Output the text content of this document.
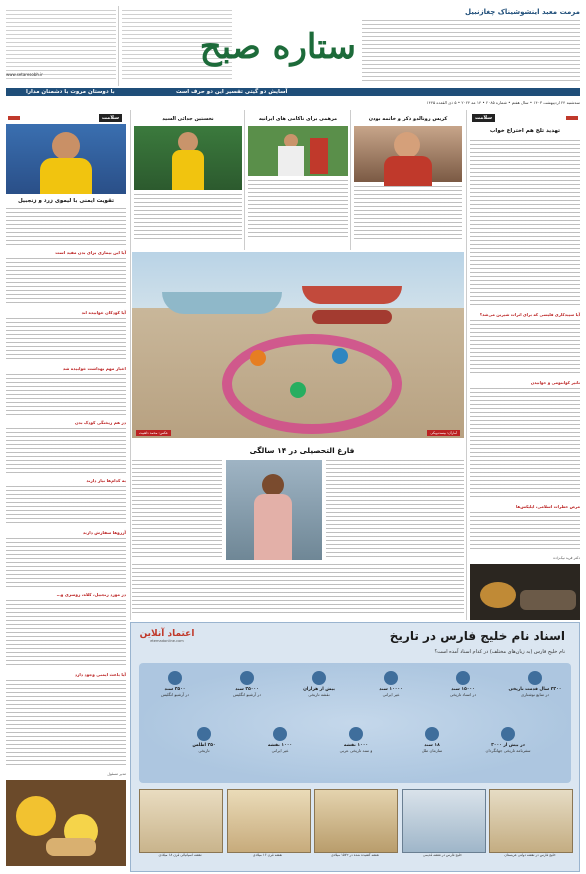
www.setaresobh.ir
ستاره صبح
مرمت معبد اینشوشیناک چغازنبیل
آسایش دو گیتی تفسیر این دو حرف است
با دوستان مروت با دشمنان مدارا
سه‌شنبه ۲۴ اردیبهشت ۱۴۰۳ • سال هفتم • شماره ۲۰۸۵ • ۱۴ مه ۲۰۲۴ • ۵ ذی القعده ۱۴۴۵
سلامت
تقویت ایمنی با لیموی زرد و زنجبیل
آیا این بیماری برای بدن مفید است
آیا کودکان خوابیده اند
اخبار مهم بهداشت خوابیده شد
در هم ریختگی کودک بدن
به کدام‌ها نیاز دارند
آرزوها سفارش دارند
در مورد زنجبیل، کلاه، روسری و…
آیا باعث ایمنی وجود دارد
مدیر مسئول
نخستین جدائی السید	مرهمی برای ناکامی های ایرانیه	کریس رونالدو ذکر و خاتمه بودن
عکس: محمد ذاهبیت	آمارآن: بیست‌و‌یکی
فارغ التحصیلی در ۱۴ سالگی
سلامت
تهدید تلخ هم اختراع خواب
آیا سپیدکاری فلیسی که برای اثرات شیرین می‌شد؟
تاثیر کوانتومی و خوابیدن
مرض خطرات اسلامی، ایلیکس‌ها
دکتر فرید نیک‌زاده
اعتماد آنلاین
etemadonline.com	اسناد نام خلیج فارس در تاریخ
نام خلیج فارس (به زبان‌های مختلف) در کدام اسناد آمده است؟
۲۳۰۰ سال قدمت تاریخی
در منابع نوشتاری
۱۵۰۰۰ سند
در اسناد تاریخی
۱۰۰۰۰ سند
غیر ایرانی
بیش از هزاران
نقشه تاریخی
۳۵۰۰۰ سند
در آرشیو انگلیس
۲۵۰۰ سند
در آرشیو انگلیس
در بیش از ۳۰۰۰
سفرنامه تاریخی جهانگردان
۱۸ سند
سازمان ملل
۱۰۰۰ نقشه
و سند تاریخی عربی
۱۰۰۰ نقشه
غیر ایرانی
۲۵۰ اطلس
تاریخی
نقشه اسپانیائی قرن ۱۸ میلادی	نقشه قرن ۱۶ میلادی	نقشه کشیده شده در ۱۵۷۲ میلادی	خلیج فارس در نقشه قدیمی	خلیج فارس در نقشه دولتی عربستان
